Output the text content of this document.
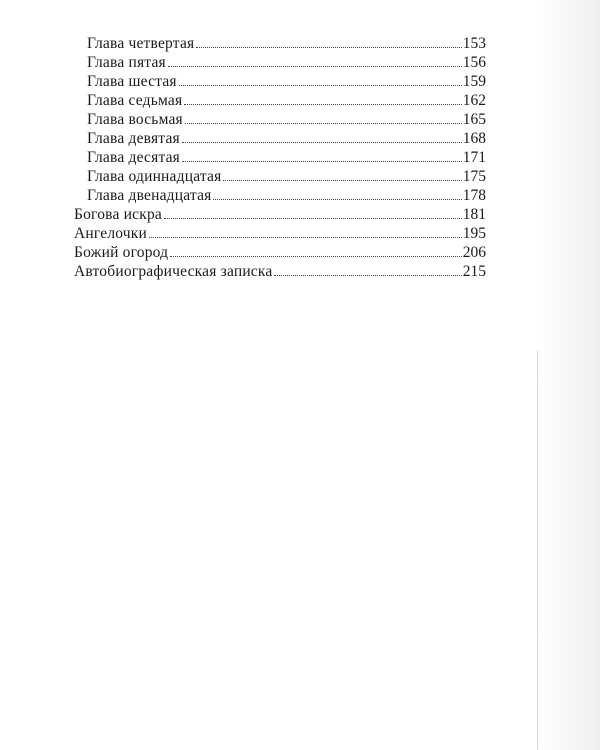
Глава четвертая	153
Глава пятая	156
Глава шестая	159
Глава седьмая	162
Глава восьмая	165
Глава девятая	168
Глава десятая	171
Глава одиннадцатая	175
Глава двенадцатая	178
Богова искра	181
Ангелочки	195
Божий огород	206
Автобиографическая записка	215
